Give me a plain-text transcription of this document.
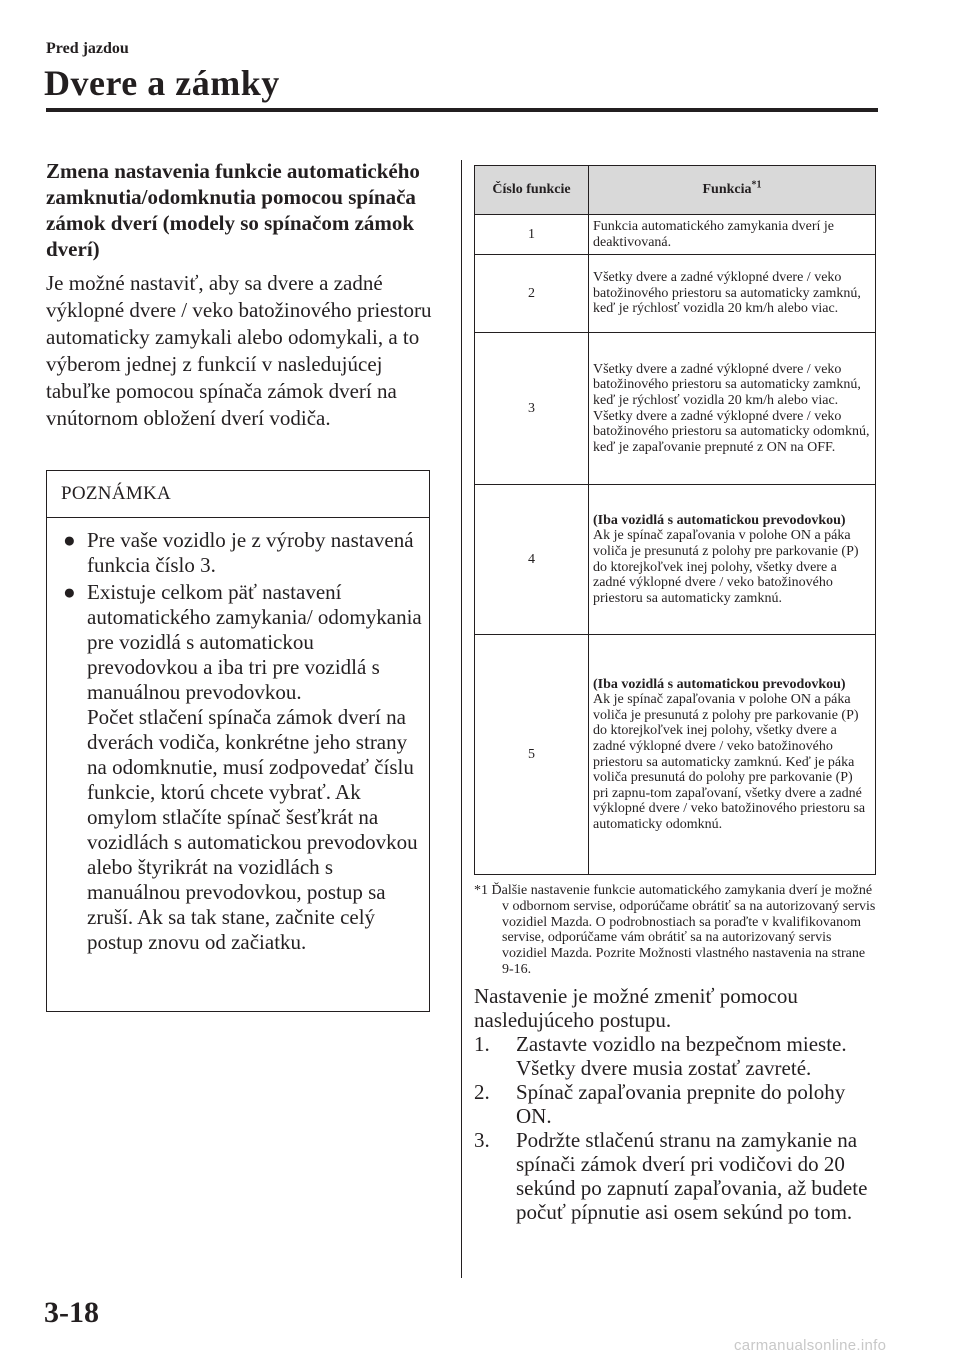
Pred jazdou
Dvere a zámky
Zmena nastavenia funkcie automatického zamknutia/odomknutia pomocou spínača zámok dverí (modely so spínačom zámok dverí)

Je možné nastaviť, aby sa dvere a zadné výklopné dvere / veko batožinového priestoru automaticky zamykali alebo odomykali, a to výberom jednej z funkcií v nasledujúcej tabuľke pomocou spínača zámok dverí na vnútornom obložení dverí vodiča.

POZNÁMKA
● Pre vaše vozidlo je z výroby nastavená funkcia číslo 3.

● Existuje celkom päť nastavení automatického zamykania/ odomykania pre vozidlá s automatickou prevodovkou a iba tri pre vozidlá s manuálnou prevodovkou.

Počet stlačení spínača zámok dverí na dverách vodiča, konkrétne jeho strany na odomknutie, musí zodpovedať číslu funkcie, ktorú chcete vybrať. Ak omylom stlačíte spínač šesťkrát na vozidlách s automatickou prevodovkou alebo štyrikrát na vozidlách s manuálnou prevodovkou, postup sa zruší. Ak sa tak stane, začnite celý postup znovu od začiatku.

Číslo funkcie	Funkcia$^{*1}$
1	Funkcia automatického zamykania dverí je deaktivovaná.

2	Všetky dvere a zadné výklopné dvere / veko batožinového priestoru sa automaticky zamknú, keď je rýchlosť vozidla 20 km/h alebo viac.

3	Všetky dvere a zadné výklopné dvere / veko batožinového priestoru sa automaticky zamknú, keď je rýchlosť vozidla 20 km/h alebo viac. Všetky dvere a zadné výklopné dvere / veko batožinového priestoru sa automaticky odomknú, keď je zapaľovanie prepnuté z ON na OFF.

4	(Iba vozidlá s automatickou prevodovkou)

Ak je spínač zapaľovania v polohe ON a páka voliča je presunutá z polohy pre parkovanie (P) do ktorejkoľvek inej polohy, všetky dvere a zadné výklopné dvere / veko batožinového priestoru sa automaticky zamknú.

5	(Iba vozidlá s automatickou prevodovkou)

Ak je spínač zapaľovania v polohe ON a páka voliča je presunutá z polohy pre parkovanie (P) do ktorejkoľvek inej polohy, všetky dvere a zadné výklopné dvere / veko batožinového priestoru sa automaticky zamknú. Keď je páka voliča presunutá do polohy pre parkovanie (P) pri zapnu-tom zapaľovaní, všetky dvere a zadné výklopné dvere / veko batožinového priestoru sa automaticky odomknú.

*1 Ďalšie nastavenie funkcie automatického zamykania dverí je možné v odbornom servise, odporúčame obrátiť sa na autorizovaný servis vozidiel Mazda. O podrobnostiach sa poraďte v kvalifikovanom servise, odporúčame vám obrátiť sa na autorizovaný servis vozidiel Mazda. Pozrite Možnosti vlastného nastavenia na strane 9-16.

Nastavenie je možné zmeniť pomocou nasledujúceho postupu.

1. Zastavte vozidlo na bezpečnom mieste. Všetky dvere musia zostať zavreté.
2. Spínač zapaľovania prepnite do polohy ON.
3. Podržte stlačenú stranu na zamykanie na spínači zámok dverí pri vodičovi do 20 sekúnd po zapnutí zapaľovania, až budete počuť pípnutie asi osem sekúnd po tom.
3-18
carmanualsonline.info
